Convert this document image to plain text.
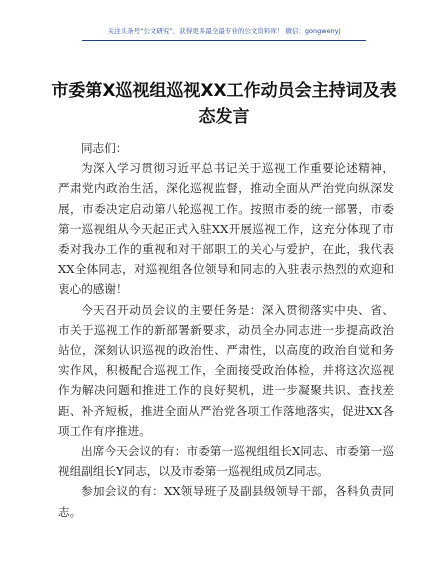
关注头条号“公文研究”，获得更多最全最专业的公文资料库！ 微信：gongwenyj
市委第X巡视组巡视XX工作动员会主持词及表态发言

同志们：

为深入学习贯彻习近平总书记关于巡视工作重要论述精神，严肃党内政治生活，深化巡视监督，推动全面从严治党向纵深发展，市委决定启动第八轮巡视工作。按照市委的统一部署，市委第一巡视组从今天起正式入驻XX开展巡视工作，这充分体现了市委对我办工作的重视和对干部职工的关心与爱护，在此，我代表XX全体同志，对巡视组各位领导和同志的入驻表示热烈的欢迎和衷心的感谢！

今天召开动员会议的主要任务是：深入贯彻落实中央、省、市关于巡视工作的新部署新要求，动员全办同志进一步提高政治站位，深刻认识巡视的政治性、严肃性，以高度的政治自觉和务实作风，积极配合巡视工作，全面接受政治体检，并将这次巡视作为解决问题和推进工作的良好契机，进一步凝聚共识、查找差距、补齐短板，推进全面从严治党各项工作落地落实，促进XX各项工作有序推进。

出席今天会议的有：市委第一巡视组组长X同志、市委第一巡视组副组长Y同志，以及市委第一巡视组成员Z同志。

参加会议的有：XX领导班子及副县级领导干部，各科负责同志。
